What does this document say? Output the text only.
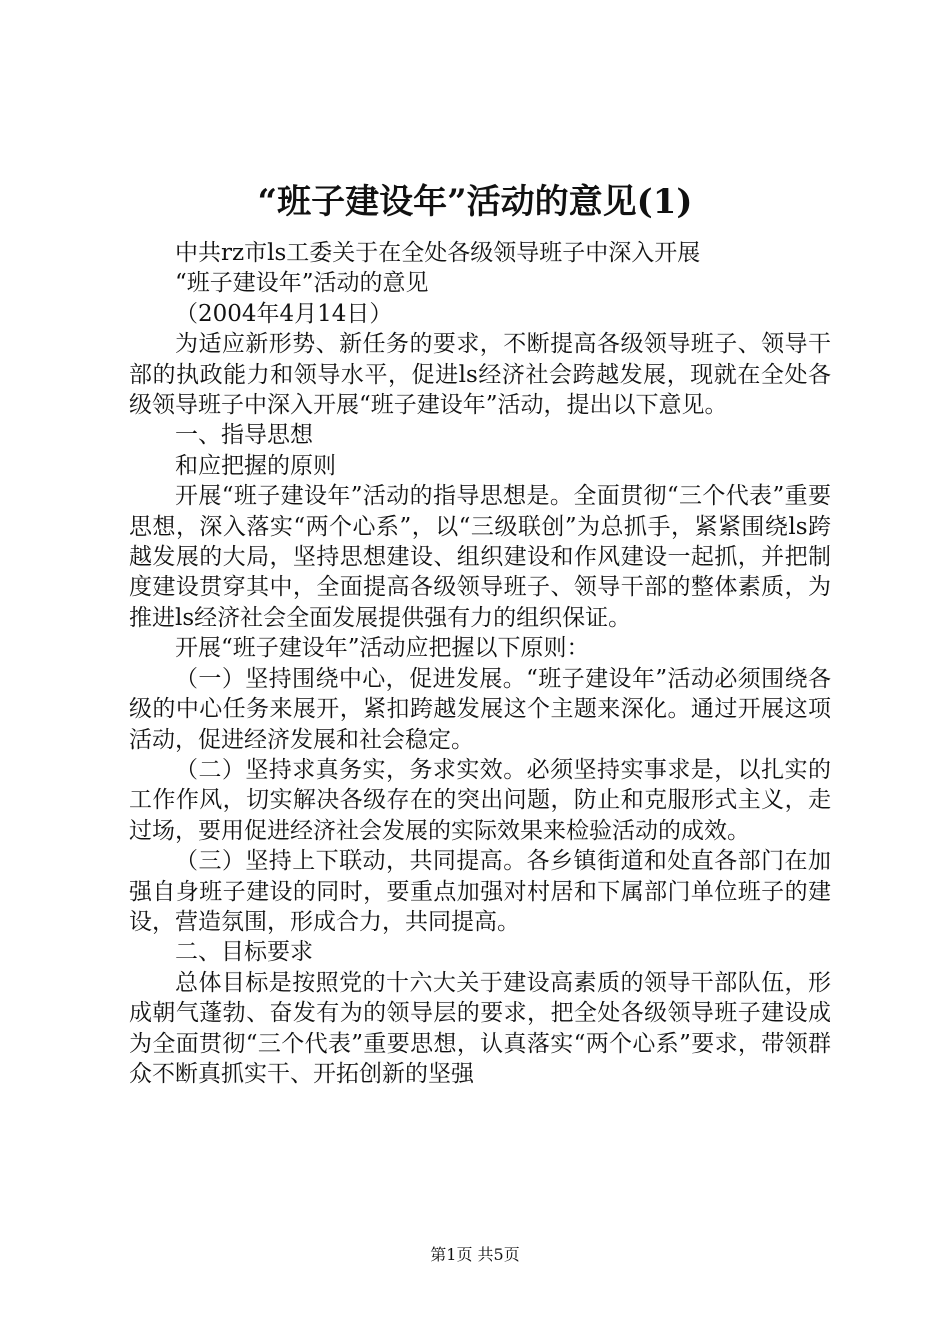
“班子建设年”活动的意见(1)

中共rz市ls工委关于在全处各级领导班子中深入开展

“班子建设年”活动的意见

（2004年4月14日）

为适应新形势、新任务的要求，不断提高各级领导班子、领导干部的执政能力和领导水平，促进ls经济社会跨越发展，现就在全处各级领导班子中深入开展“班子建设年”活动，提出以下意见。

一、指导思想

和应把握的原则

开展“班子建设年”活动的指导思想是。全面贯彻“三个代表”重要思想，深入落实“两个心系”，以“三级联创”为总抓手，紧紧围绕ls跨越发展的大局，坚持思想建设、组织建设和作风建设一起抓，并把制度建设贯穿其中，全面提高各级领导班子、领导干部的整体素质，为推进ls经济社会全面发展提供强有力的组织保证。

开展“班子建设年”活动应把握以下原则：

（一）坚持围绕中心，促进发展。“班子建设年”活动必须围绕各级的中心任务来展开，紧扣跨越发展这个主题来深化。通过开展这项活动，促进经济发展和社会稳定。

（二）坚持求真务实，务求实效。必须坚持实事求是，以扎实的工作作风，切实解决各级存在的突出问题，防止和克服形式主义，走过场，要用促进经济社会发展的实际效果来检验活动的成效。

（三）坚持上下联动，共同提高。各乡镇街道和处直各部门在加强自身班子建设的同时，要重点加强对村居和下属部门单位班子的建设，营造氛围，形成合力，共同提高。

二、目标要求

总体目标是按照党的十六大关于建设高素质的领导干部队伍，形成朝气蓬勃、奋发有为的领导层的要求，把全处各级领导班子建设成为全面贯彻“三个代表”重要思想，认真落实“两个心系”要求，带领群众不断真抓实干、开拓创新的坚强

第1页 共5页
